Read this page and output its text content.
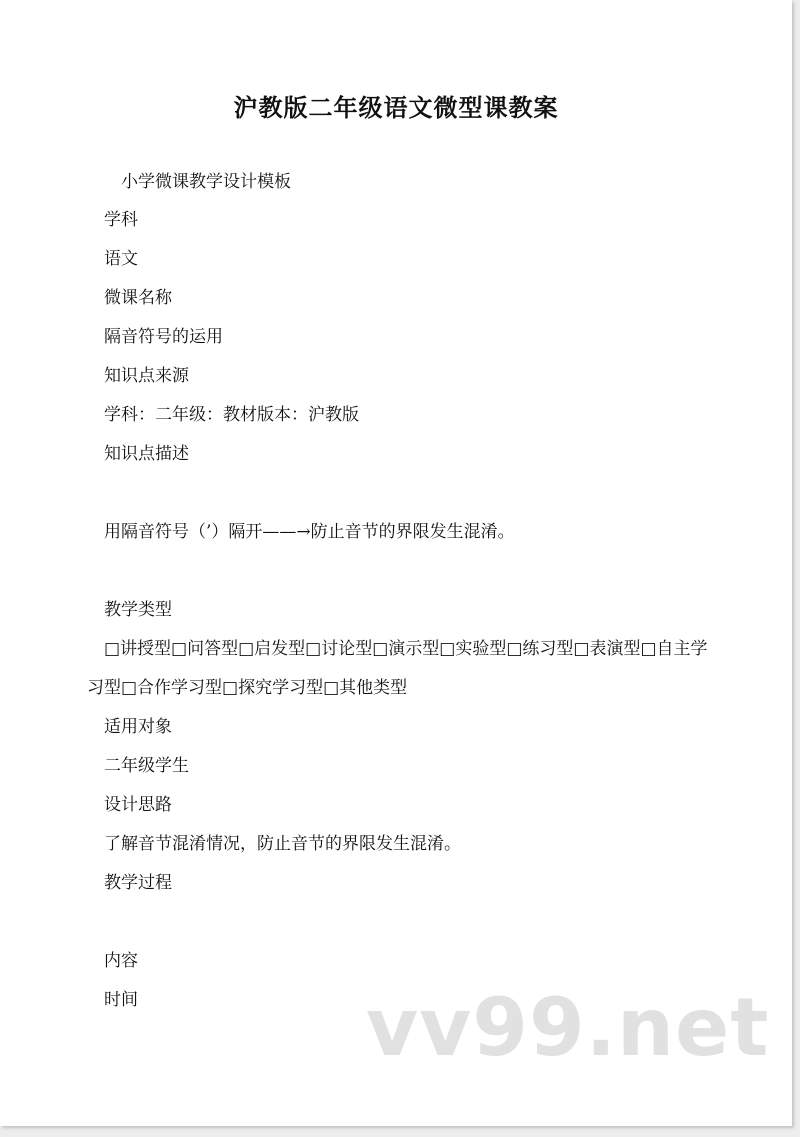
沪教版二年级语文微型课教案
小学微课教学设计模板
学科
语文
微课名称
隔音符号的运用
知识点来源
学科：二年级：教材版本：沪教版
知识点描述
用隔音符号（’）隔开——→防止音节的界限发生混淆。
教学类型
□讲授型□问答型□启发型□讨论型□演示型□实验型□练习型□表演型□自主学
习型□合作学习型□探究学习型□其他类型
适用对象
二年级学生
设计思路
了解音节混淆情况，防止音节的界限发生混淆。
教学过程
内容
时间	vv99.net
